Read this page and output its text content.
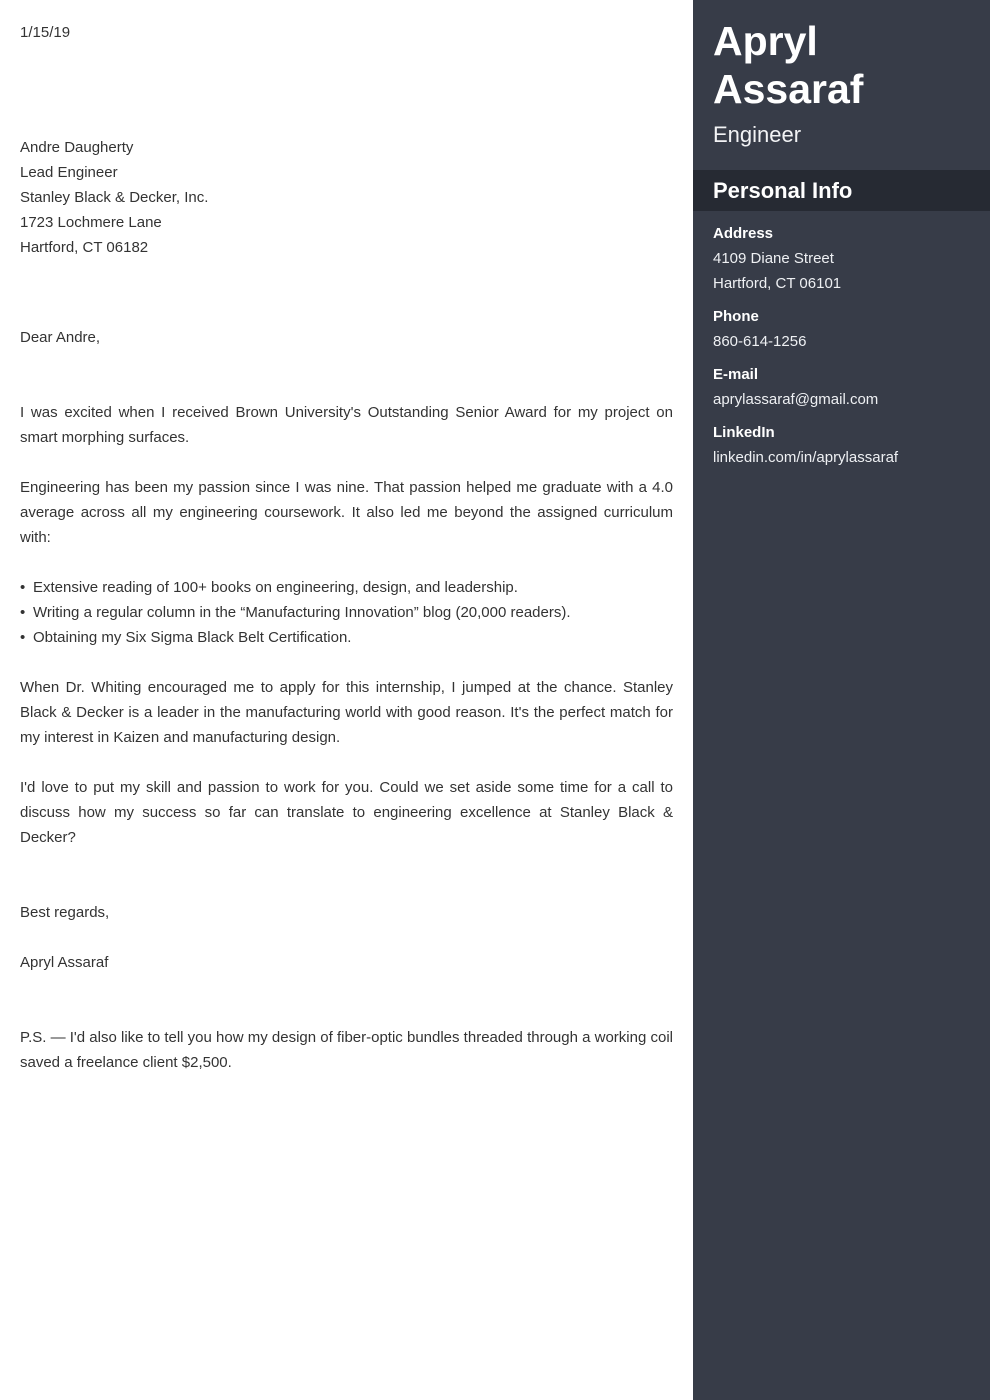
1/15/19
Andre Daugherty
Lead Engineer
Stanley Black & Decker, Inc.
1723 Lochmere Lane
Hartford, CT 06182
Dear Andre,

I was excited when I received Brown University's Outstanding Senior Award for my project on smart morphing surfaces.

Engineering has been my passion since I was nine. That passion helped me graduate with a 4.0 average across all my engineering coursework. It also led me beyond the assigned curriculum with:

• Extensive reading of 100+ books on engineering, design, and leadership.
• Writing a regular column in the “Manufacturing Innovation” blog (20,000 readers).
• Obtaining my Six Sigma Black Belt Certification.

When Dr. Whiting encouraged me to apply for this internship, I jumped at the chance. Stanley Black & Decker is a leader in the manufacturing world with good reason. It's the perfect match for my interest in Kaizen and manufacturing design.

I'd love to put my skill and passion to work for you. Could we set aside some time for a call to discuss how my success so far can translate to engineering excellence at Stanley Black & Decker?

Best regards,
Apryl Assaraf

P.S. — I'd also like to tell you how my design of fiber-optic bundles threaded through a working coil saved a freelance client $2,500.

Apryl
Assaraf
Engineer
Personal Info
Address
4109 Diane Street
Hartford, CT 06101
Phone
860-614-1256
E-mail
aprylassaraf@gmail.com
LinkedIn
linkedin.com/in/aprylassaraf
